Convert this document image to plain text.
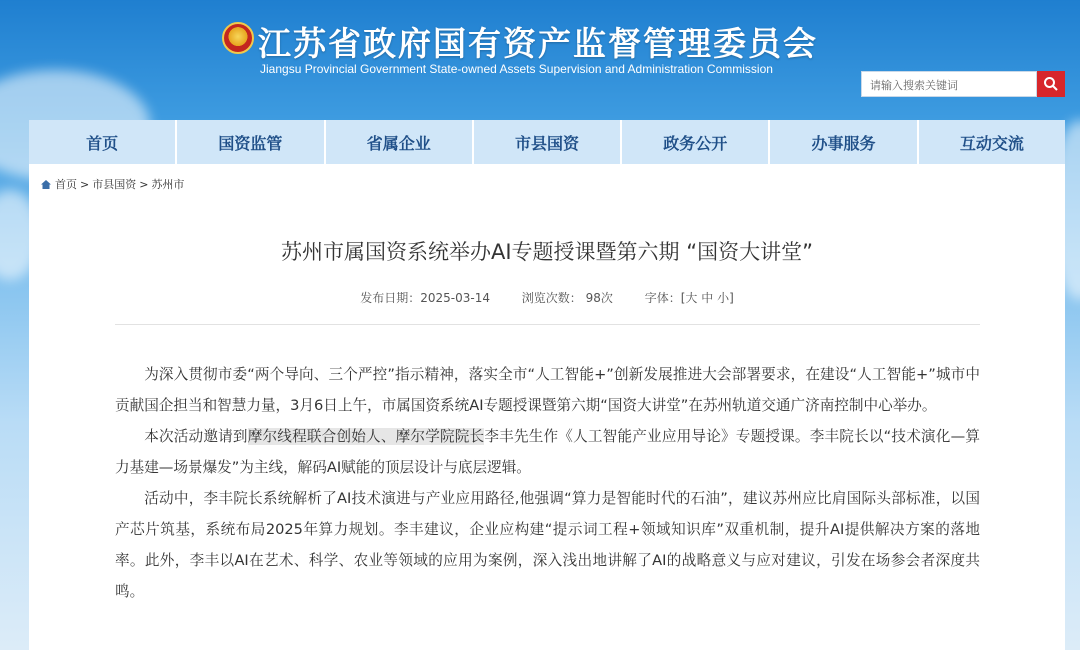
江苏省政府国有资产监督管理委员会
Jiangsu Provincial Government State-owned Assets Supervision and Administration Commission
请输入搜索关键词
首页	国资监管	省属企业	市县国资	政务公开	办事服务	互动交流
首页 > 市县国资 > 苏州市
苏州市属国资系统举办AI专题授课暨第六期 “国资大讲堂”
发布日期：2025-03-14	浏览次数： 98次	字体：[大 中 小]

为深入贯彻市委“两个导向、三个严控”指示精神，落实全市“人工智能+”创新发展推进大会部署要求，在建设“人工智能+”城市中贡献国企担当和智慧力量，3月6日上午，市属国资系统AI专题授课暨第六期“国资大讲堂”在苏州轨道交通广济南控制中心举办。

本次活动邀请到摩尔线程联合创始人、摩尔学院院长李丰先生作《人工智能产业应用导论》专题授课。李丰院长以“技术演化—算力基建—场景爆发”为主线，解码AI赋能的顶层设计与底层逻辑。

活动中，李丰院长系统解析了AI技术演进与产业应用路径,他强调“算力是智能时代的石油”，建议苏州应比肩国际头部标准，以国产芯片筑基，系统布局2025年算力规划。李丰建议，企业应构建“提示词工程+领域知识库”双重机制，提升AI提供解决方案的落地率。此外，李丰以AI在艺术、科学、农业等领域的应用为案例，深入浅出地讲解了AI的战略意义与应对建议，引发在场参会者深度共鸣。
